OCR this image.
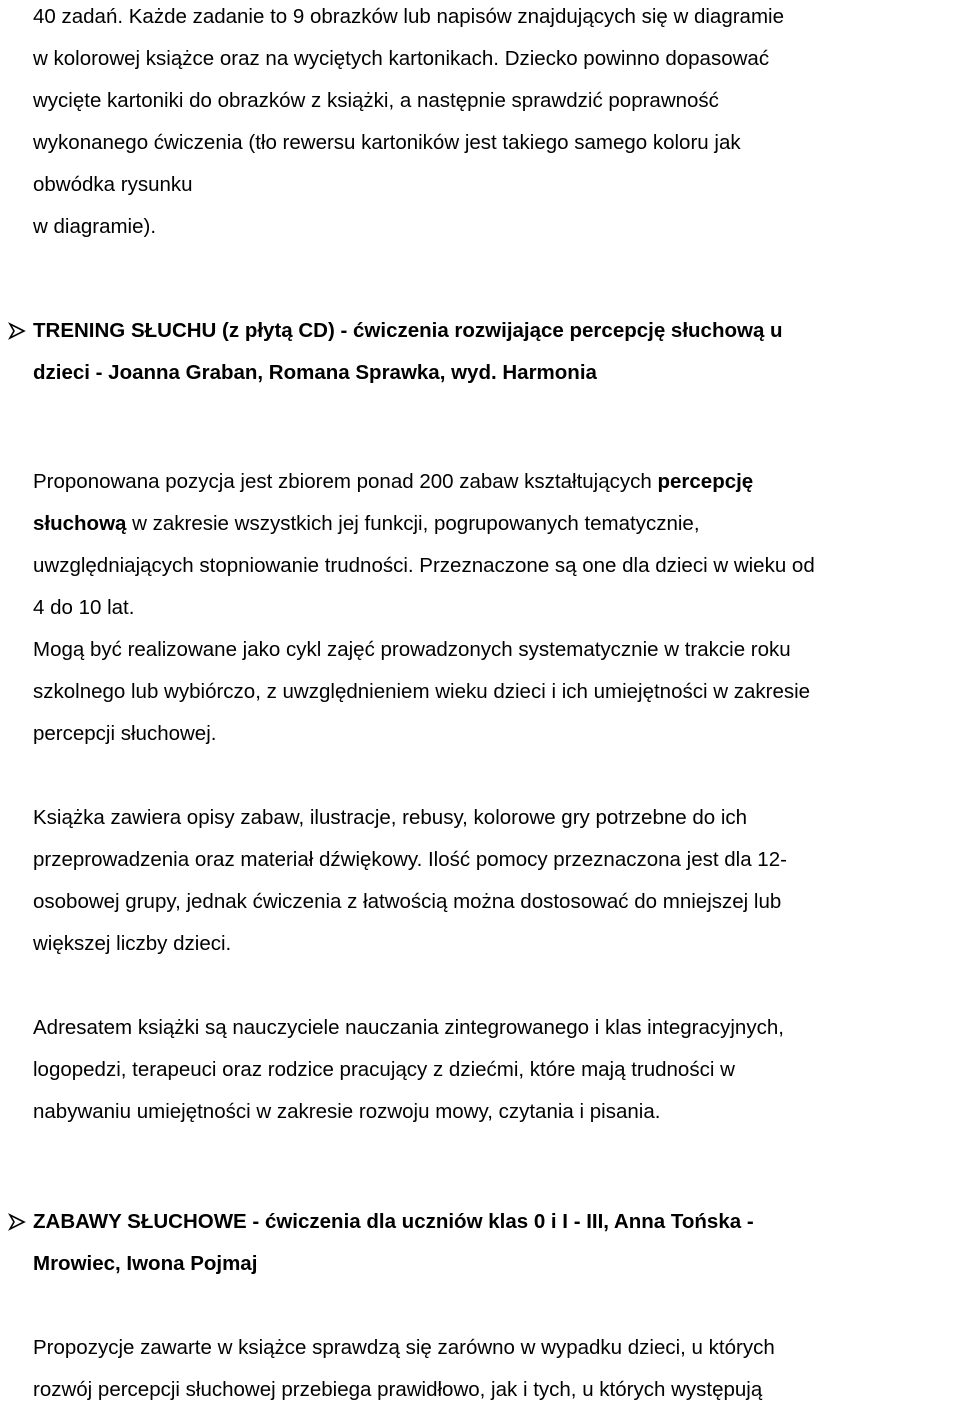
40 zadań. Każde zadanie to 9 obrazków lub napisów znajdujących się w diagramie
w kolorowej książce oraz na wyciętych kartonikach. Dziecko powinno dopasować
wycięte kartoniki do obrazków z książki, a następnie sprawdzić poprawność
wykonanego ćwiczenia (tło rewersu kartoników jest takiego samego koloru jak
obwódka rysunku
w diagramie).
TRENING SŁUCHU (z płytą CD) - ćwiczenia rozwijające percepcję słuchową u
dzieci - Joanna Graban, Romana Sprawka, wyd. Harmonia
Proponowana pozycja jest zbiorem ponad 200 zabaw kształtujących percepcję
słuchową w zakresie wszystkich jej funkcji, pogrupowanych tematycznie,
uwzględniających stopniowanie trudności. Przeznaczone są one dla dzieci w wieku od
4 do 10 lat.
Mogą być realizowane jako cykl zajęć prowadzonych systematycznie w trakcie roku
szkolnego lub wybiórczo, z uwzględnieniem wieku dzieci i ich umiejętności w zakresie
percepcji słuchowej.
Książka zawiera opisy zabaw, ilustracje, rebusy, kolorowe gry potrzebne do ich
przeprowadzenia oraz materiał dźwiękowy. Ilość pomocy przeznaczona jest dla 12-
osobowej grupy, jednak ćwiczenia z łatwością można dostosować do mniejszej lub
większej liczby dzieci.
Adresatem książki są nauczyciele nauczania zintegrowanego i klas integracyjnych,
logopedzi, terapeuci oraz rodzice pracujący z dziećmi, które mają trudności w
nabywaniu umiejętności w zakresie rozwoju mowy, czytania i pisania.
ZABAWY SŁUCHOWE - ćwiczenia dla uczniów klas 0 i I - III, Anna Tońska -
Mrowiec, Iwona Pojmaj
Propozycje zawarte w książce sprawdzą się zarówno w wypadku dzieci, u których
rozwój percepcji słuchowej przebiega prawidłowo, jak i tych, u których występują
